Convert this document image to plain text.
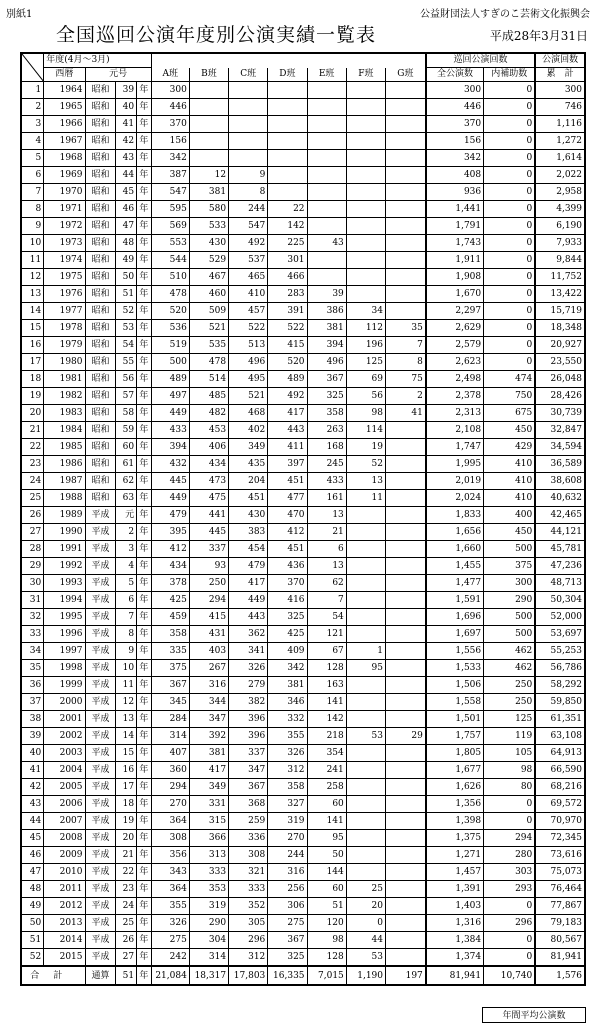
別紙1	公益財団法人すぎのこ芸術文化振興会
全国巡回公演年度別公演実績一覧表	平成28年3月31日
	年度(4月～3月)											巡回公演回数		公演回数
	西暦	元号			A班	B班	C班	D班	E班	F班	G班	全公演数	内補助数	累　計
1	1964	昭和	39	年	300							300	0	300
2	1965	昭和	40	年	446							446	0	746
3	1966	昭和	41	年	370							370	0	1,116
4	1967	昭和	42	年	156							156	0	1,272
5	1968	昭和	43	年	342							342	0	1,614
6	1969	昭和	44	年	387	12	9					408	0	2,022
7	1970	昭和	45	年	547	381	8					936	0	2,958
8	1971	昭和	46	年	595	580	244	22				1,441	0	4,399
9	1972	昭和	47	年	569	533	547	142				1,791	0	6,190
10	1973	昭和	48	年	553	430	492	225	43			1,743	0	7,933
11	1974	昭和	49	年	544	529	537	301				1,911	0	9,844
12	1975	昭和	50	年	510	467	465	466				1,908	0	11,752
13	1976	昭和	51	年	478	460	410	283	39			1,670	0	13,422
14	1977	昭和	52	年	520	509	457	391	386	34		2,297	0	15,719
15	1978	昭和	53	年	536	521	522	522	381	112	35	2,629	0	18,348
16	1979	昭和	54	年	519	535	513	415	394	196	7	2,579	0	20,927
17	1980	昭和	55	年	500	478	496	520	496	125	8	2,623	0	23,550
18	1981	昭和	56	年	489	514	495	489	367	69	75	2,498	474	26,048
19	1982	昭和	57	年	497	485	521	492	325	56	2	2,378	750	28,426
20	1983	昭和	58	年	449	482	468	417	358	98	41	2,313	675	30,739
21	1984	昭和	59	年	433	453	402	443	263	114		2,108	450	32,847
22	1985	昭和	60	年	394	406	349	411	168	19		1,747	429	34,594
23	1986	昭和	61	年	432	434	435	397	245	52		1,995	410	36,589
24	1987	昭和	62	年	445	473	204	451	433	13		2,019	410	38,608
25	1988	昭和	63	年	449	475	451	477	161	11		2,024	410	40,632
26	1989	平成	元	年	479	441	430	470	13			1,833	400	42,465
27	1990	平成	2	年	395	445	383	412	21			1,656	450	44,121
28	1991	平成	3	年	412	337	454	451	6			1,660	500	45,781
29	1992	平成	4	年	434	93	479	436	13			1,455	375	47,236
30	1993	平成	5	年	378	250	417	370	62			1,477	300	48,713
31	1994	平成	6	年	425	294	449	416	7			1,591	290	50,304
32	1995	平成	7	年	459	415	443	325	54			1,696	500	52,000
33	1996	平成	8	年	358	431	362	425	121			1,697	500	53,697
34	1997	平成	9	年	335	403	341	409	67	1		1,556	462	55,253
35	1998	平成	10	年	375	267	326	342	128	95		1,533	462	56,786
36	1999	平成	11	年	367	316	279	381	163			1,506	250	58,292
37	2000	平成	12	年	345	344	382	346	141			1,558	250	59,850
38	2001	平成	13	年	284	347	396	332	142			1,501	125	61,351
39	2002	平成	14	年	314	392	396	355	218	53	29	1,757	119	63,108
40	2003	平成	15	年	407	381	337	326	354			1,805	105	64,913
41	2004	平成	16	年	360	417	347	312	241			1,677	98	66,590
42	2005	平成	17	年	294	349	367	358	258			1,626	80	68,216
43	2006	平成	18	年	270	331	368	327	60			1,356	0	69,572
44	2007	平成	19	年	364	315	259	319	141			1,398	0	70,970
45	2008	平成	20	年	308	366	336	270	95			1,375	294	72,345
46	2009	平成	21	年	356	313	308	244	50			1,271	280	73,616
47	2010	平成	22	年	343	333	321	316	144			1,457	303	75,073
48	2011	平成	23	年	364	353	333	256	60	25		1,391	293	76,464
49	2012	平成	24	年	355	319	352	306	51	20		1,403	0	77,867
50	2013	平成	25	年	326	290	305	275	120	0		1,316	296	79,183
51	2014	平成	26	年	275	304	296	367	98	44		1,384	0	80,567
52	2015	平成	27	年	242	314	312	325	128	53		1,374	0	81,941
合計		通算	51	年	21,084	18,317	17,803	16,335	7,015	1,190	197	81,941	10,740	1,576
年間平均公演数
